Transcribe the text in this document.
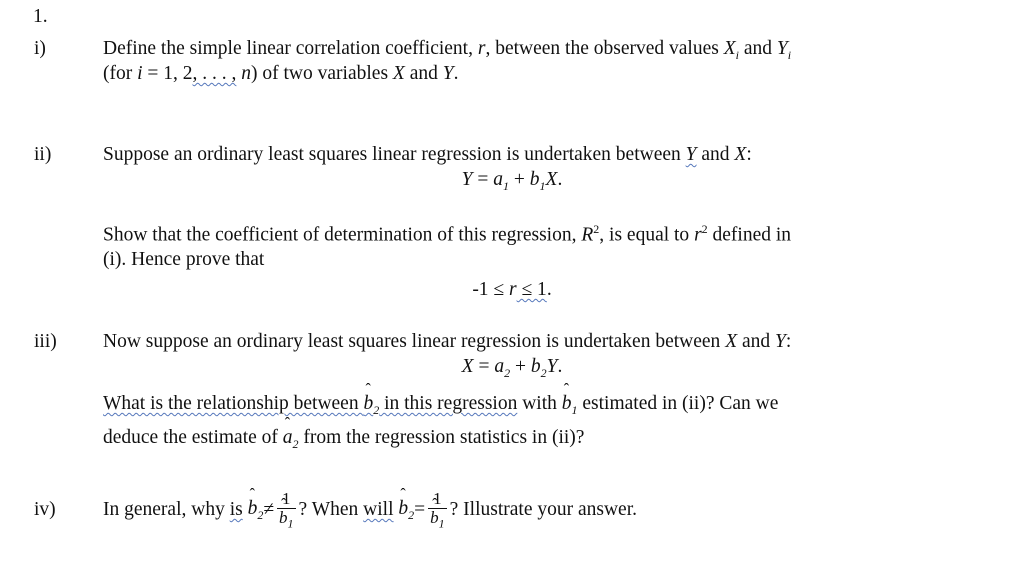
1.
i)	Define the simple linear correlation coefficient, r, between the observed values $X_i$ and $Y_i$
(for i = 1, 2, . . . , n) of two variables X and Y.
ii)	Suppose an ordinary least squares linear regression is undertaken between Y and X:
$Y = a_1 + b_1X$.
Show that the coefficient of determination of this regression, $R^2$, is equal to $r^2$ defined in
(i). Hence prove that
-1 ≤ r ≤ 1.
iii) Now suppose an ordinary least squares linear regression is undertaken between X and Y:
$X = a_2 + b_2Y$.
What is the relationship between ˆ $b_2$ in this regression with ˆ $b_1$ estimated in (ii)? Can we
deduce the estimate of ˆ $a_2$ from the regression statistics in (ii)?
iv) In general, why
is
ˆ $b_2 \ne 1$
ˆ $b_1$ ? When
will
ˆ $b_2 = 1$
ˆ $b_1$ ? Illustrate your answer.
